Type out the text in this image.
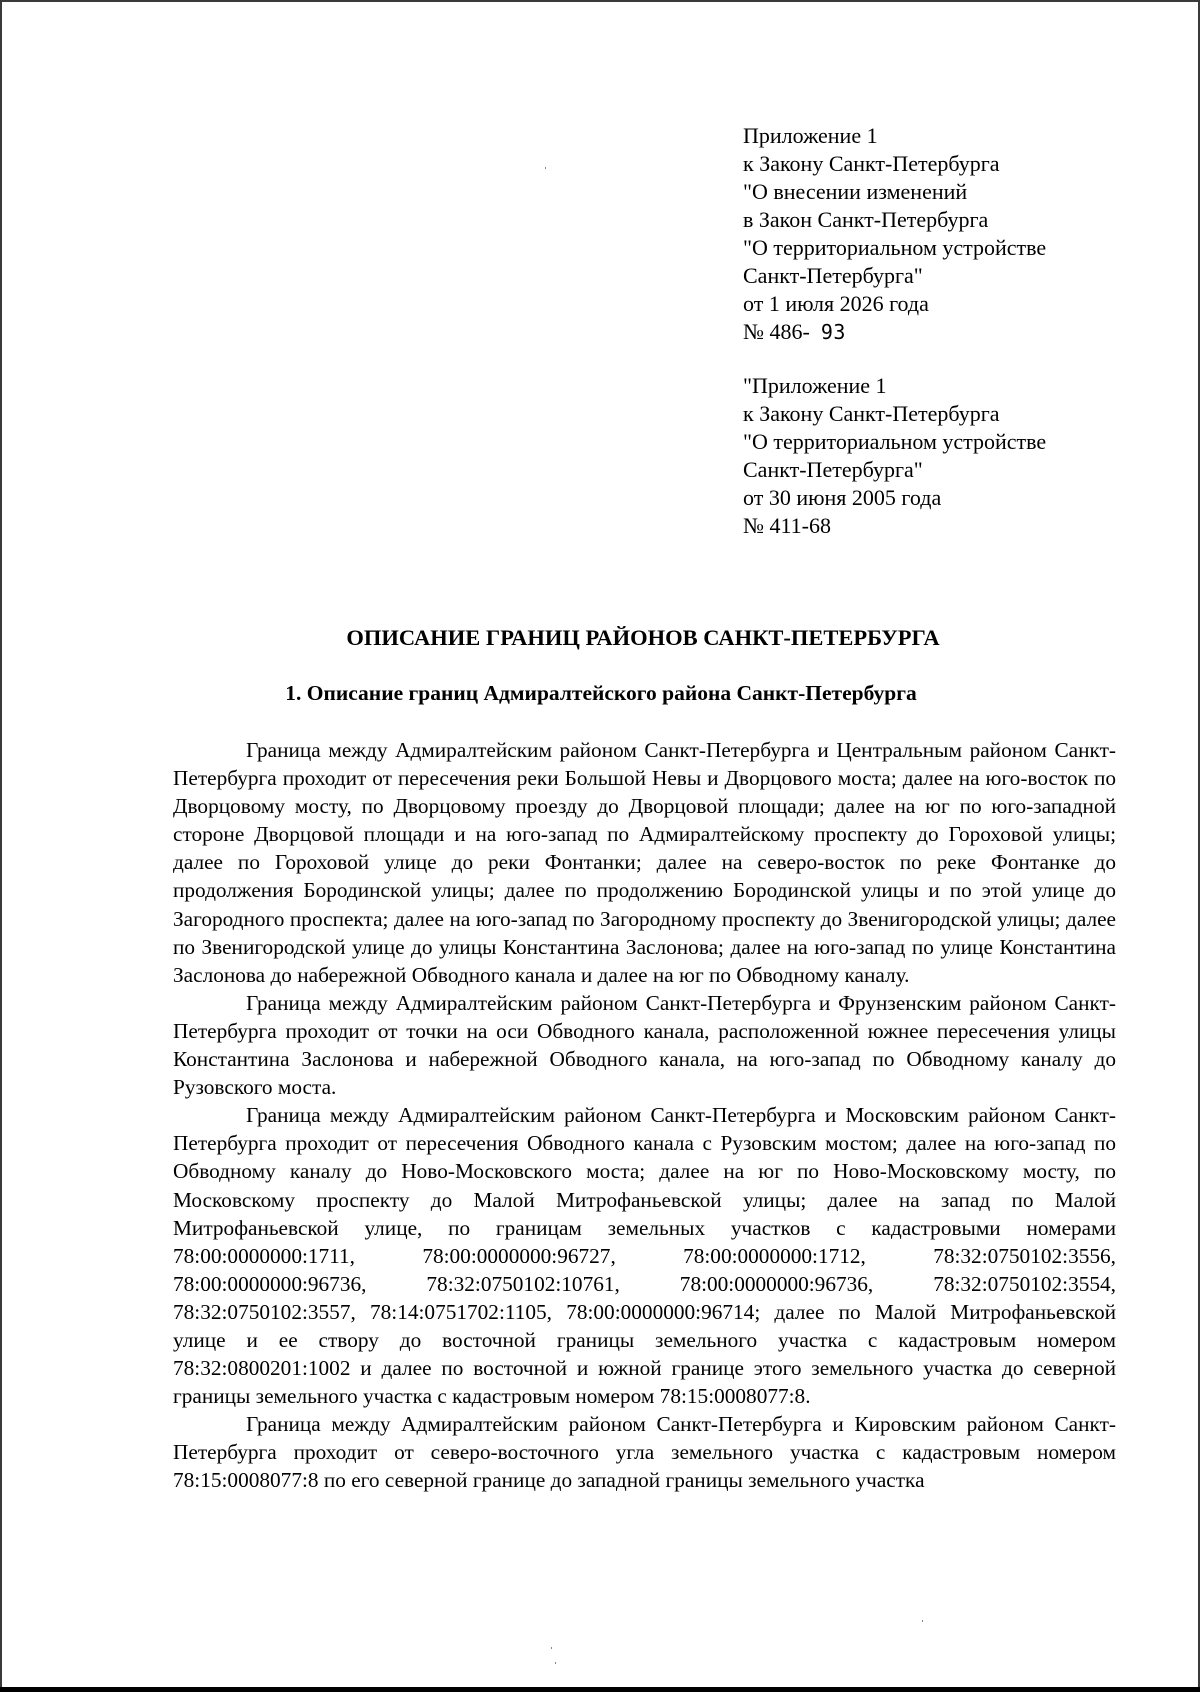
Приложение 1
к Закону Санкт-Петербурга
"О внесении изменений
в Закон Санкт-Петербурга
"О территориальном устройстве
Санкт-Петербурга"
от 1 июля 2026 года
№ 486- 93
"Приложение 1
к Закону Санкт-Петербурга
"О территориальном устройстве
Санкт-Петербурга"
от 30 июня 2005 года
№ 411-68
ОПИСАНИЕ ГРАНИЦ РАЙОНОВ САНКТ-ПЕТЕРБУРГА
1. Описание границ Адмиралтейского района Санкт-Петербурга

Граница между Адмиралтейским районом Санкт-Петербурга и Центральным районом Санкт-Петербурга проходит от пересечения реки Большой Невы и Дворцового моста; далее на юго-восток по Дворцовому мосту, по Дворцовому проезду до Дворцовой площади; далее на юг по юго-западной стороне Дворцовой площади и на юго-запад по Адмиралтейскому проспекту до Гороховой улицы; далее по Гороховой улице до реки Фонтанки; далее на северо-восток по реке Фонтанке до продолжения Бородинской улицы; далее по продолжению Бородинской улицы и по этой улице до Загородного проспекта; далее на юго-запад по Загородному проспекту до Звенигородской улицы; далее по Звенигородской улице до улицы Константина Заслонова; далее на юго-запад по улице Константина Заслонова до набережной Обводного канала и далее на юг по Обводному каналу.

Граница между Адмиралтейским районом Санкт-Петербурга и Фрунзенским районом Санкт-Петербурга проходит от точки на оси Обводного канала, расположенной южнее пересечения улицы Константина Заслонова и набережной Обводного канала, на юго-запад по Обводному каналу до Рузовского моста.

Граница между Адмиралтейским районом Санкт-Петербурга и Московским районом Санкт-Петербурга проходит от пересечения Обводного канала с Рузовским мостом; далее на юго-запад по Обводному каналу до Ново-Московского моста; далее на юг по Ново-Московскому мосту, по Московскому проспекту до Малой Митрофаньевской улицы; далее на запад по Малой Митрофаньевской улице, по границам земельных участков с кадастровыми номерами 78:00:0000000:1711, 78:00:0000000:96727, 78:00:0000000:1712, 78:32:0750102:3556, 78:00:0000000:96736, 78:32:0750102:10761, 78:00:0000000:96736, 78:32:0750102:3554, 78:32:0750102:3557, 78:14:0751702:1105, 78:00:0000000:96714; далее по Малой Митрофаньевской улице и ее створу до восточной границы земельного участка с кадастровым номером 78:32:0800201:1002 и далее по восточной и южной границе этого земельного участка до северной границы земельного участка с кадастровым номером 78:15:0008077:8.

Граница между Адмиралтейским районом Санкт-Петербурга и Кировским районом Санкт-Петербурга проходит от северо-восточного угла земельного участка с кадастровым номером 78:15:0008077:8 по его северной границе до западной границы земельного участка
